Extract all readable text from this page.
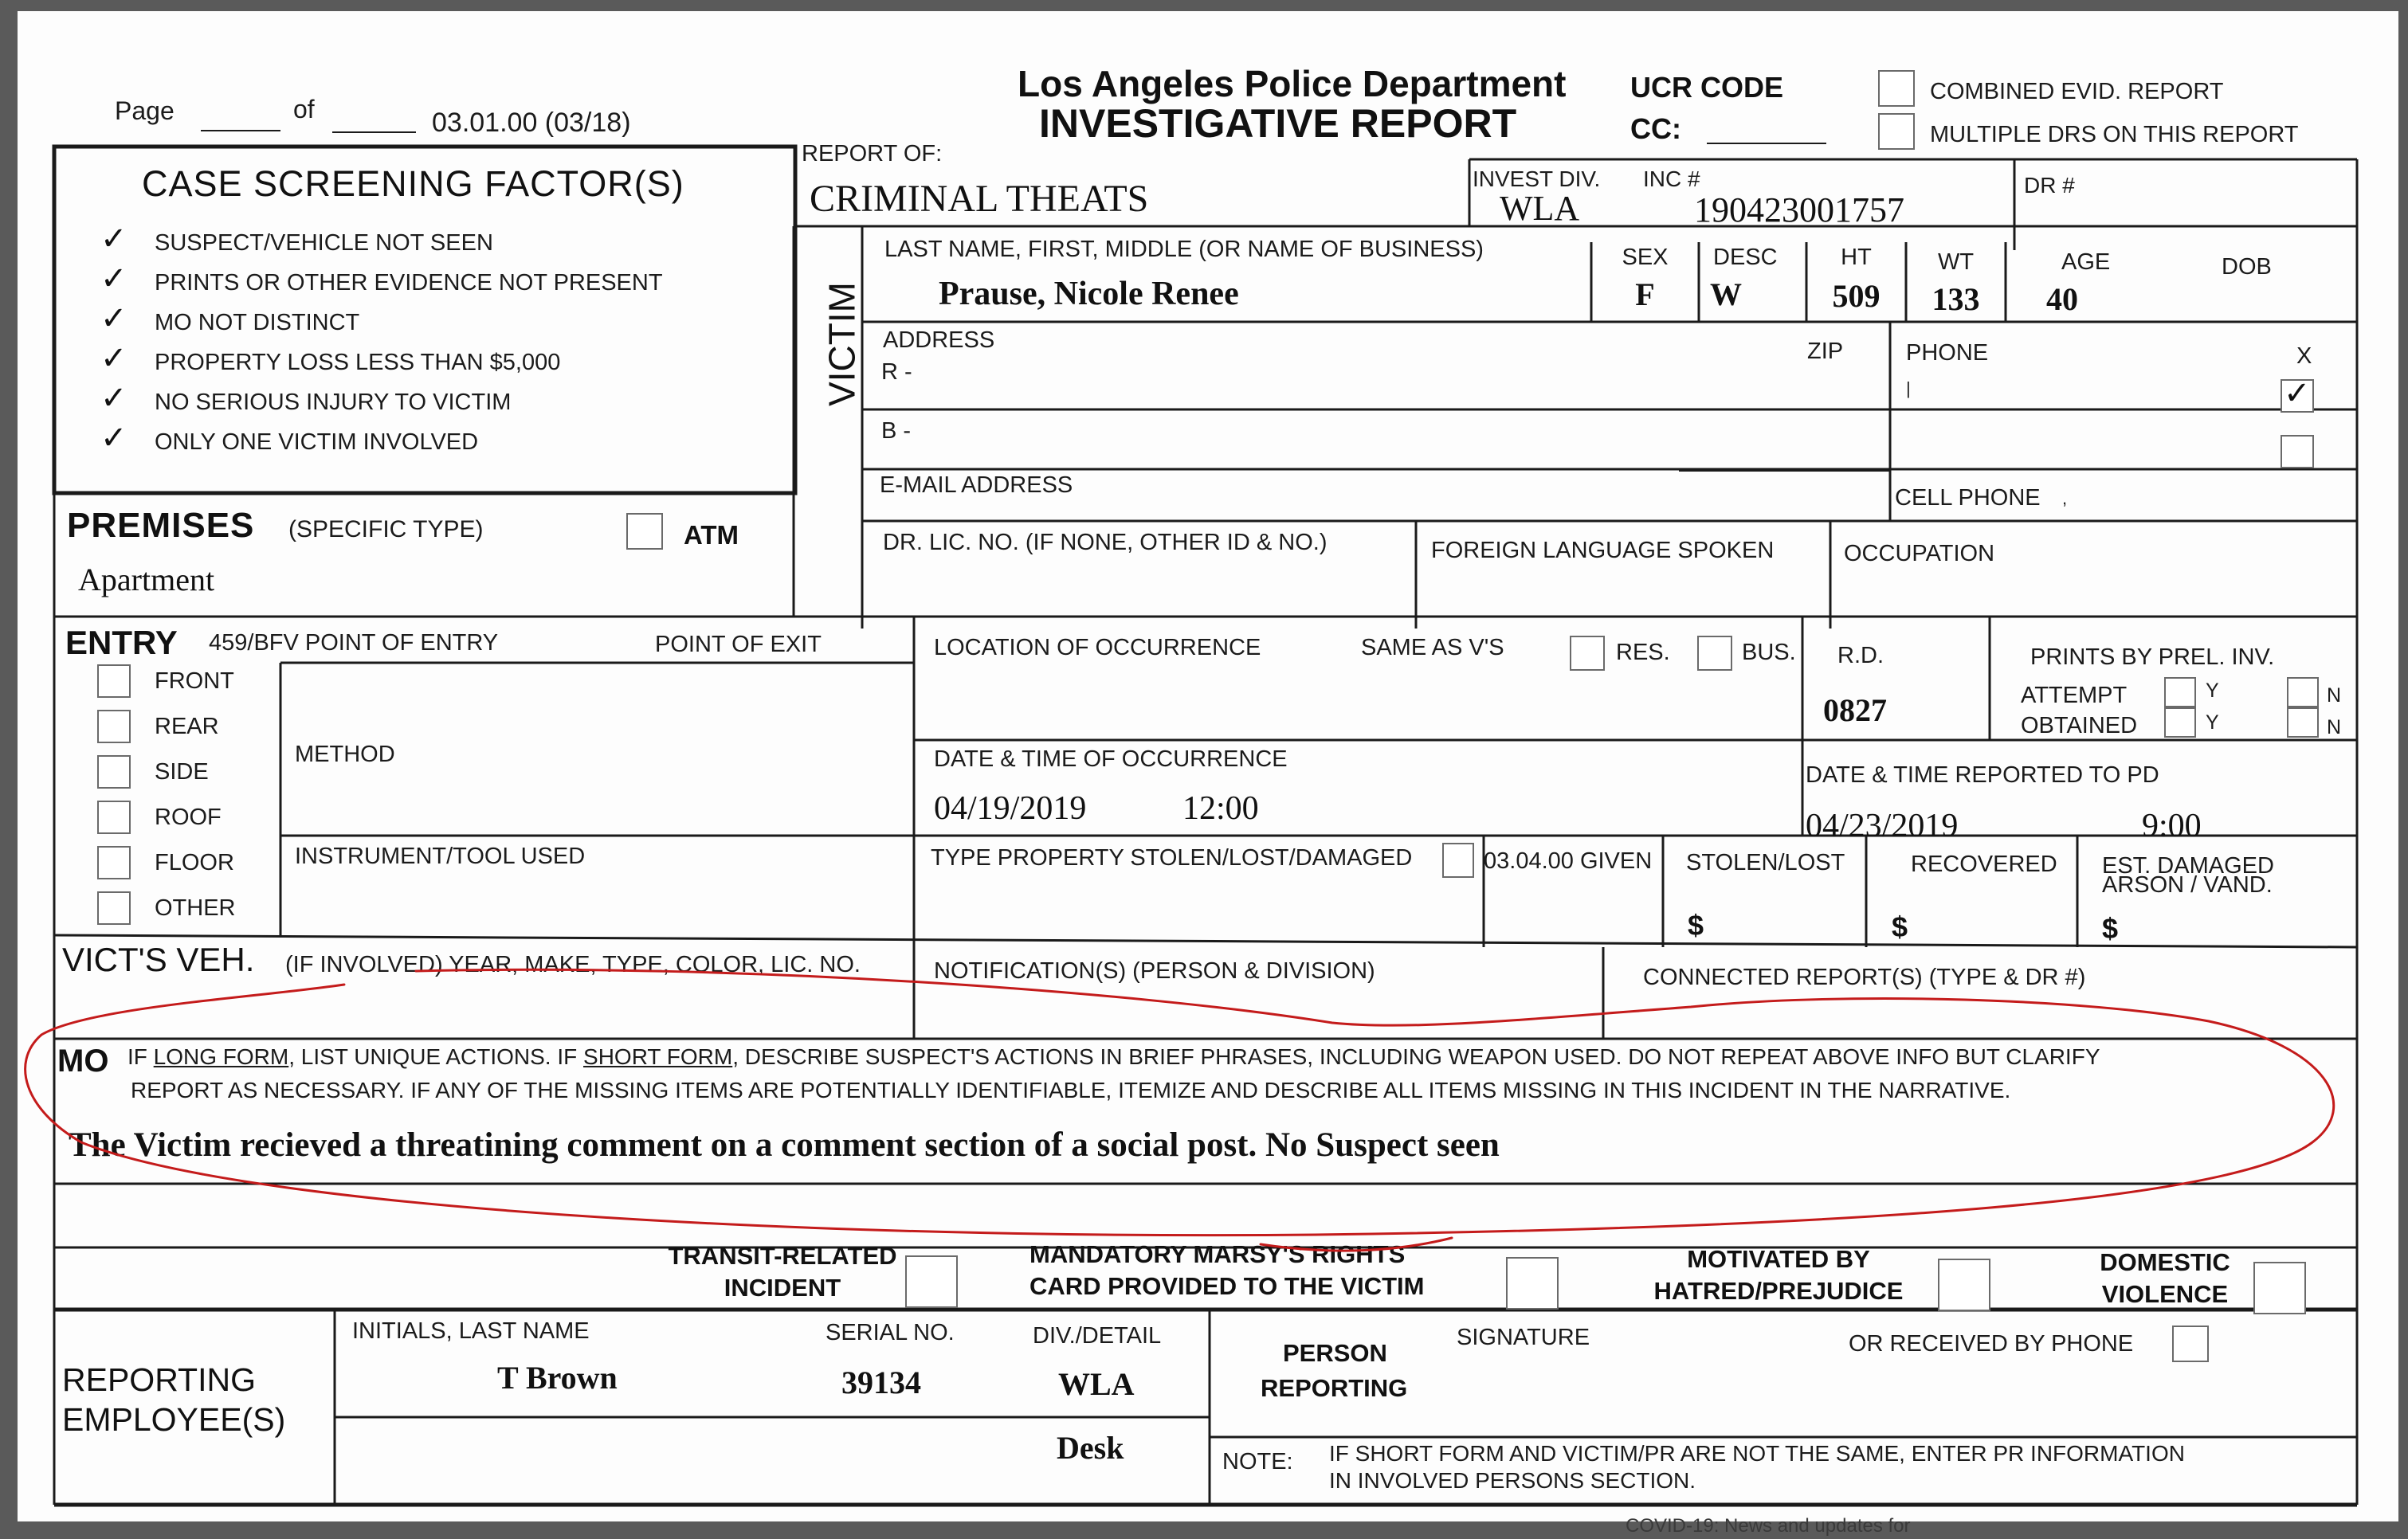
Page	of	03.01.00 (03/18)
Los Angeles Police Department
INVESTIGATIVE REPORT
UCR CODE
CC:
COMBINED EVID. REPORT
MULTIPLE DRS ON THIS REPORT
CASE SCREENING FACTOR(S)
✓ SUSPECT/VEHICLE NOT SEEN
✓ PRINTS OR OTHER EVIDENCE NOT PRESENT
✓ MO NOT DISTINCT
✓ PROPERTY LOSS LESS THAN $5,000
✓ NO SERIOUS INJURY TO VICTIM
✓ ONLY ONE VICTIM INVOLVED
REPORT OF:
CRIMINAL THEATS	INVEST DIV.
WLA
INC #
190423001757
DR #
VICTIM
LAST NAME, FIRST, MIDDLE (OR NAME OF BUSINESS)
Prause, Nicole Renee
SEX
F
DESC
W
HT
509
WT
133
AGE
40
DOB
ADDRESS
R -
B -
ZIP	PHONE
|
X
✓
E-MAIL ADDRESS	CELL PHONE ,
DR. LIC. NO. (IF NONE, OTHER ID & NO.)	FOREIGN LANGUAGE SPOKEN	OCCUPATION
PREMISES (SPECIFIC TYPE)	ATM
Apartment
ENTRY 459/BFV POINT OF ENTRY	POINT OF EXIT
FRONT
REAR
SIDE
ROOF
FLOOR
OTHER
METHOD
INSTRUMENT/TOOL USED
LOCATION OF OCCURRENCE	SAME AS V'S	RES.	BUS. R.D.
0827
PRINTS BY PREL. INV.
ATTEMPT	Y	N
OBTAINED	Y	N
DATE & TIME OF OCCURRENCE
04/19/2019	12:00
DATE & TIME REPORTED TO PD
04/23/2019	9:00
TYPE PROPERTY STOLEN/LOST/DAMAGED	03.04.00 GIVEN STOLEN/LOST
$
RECOVERED
$
EST. DAMAGED
ARSON / VAND.
$
VICT'S VEH. (IF INVOLVED) YEAR, MAKE, TYPE, COLOR, LIC. NO.	NOTIFICATION(S) (PERSON & DIVISION)	CONNECTED REPORT(S) (TYPE & DR #)
MO IF LONG FORM, LIST UNIQUE ACTIONS. IF SHORT FORM, DESCRIBE SUSPECT'S ACTIONS IN BRIEF PHRASES, INCLUDING WEAPON USED. DO NOT REPEAT ABOVE INFO BUT CLARIFY
REPORT AS NECESSARY. IF ANY OF THE MISSING ITEMS ARE POTENTIALLY IDENTIFIABLE, ITEMIZE AND DESCRIBE ALL ITEMS MISSING IN THIS INCIDENT IN THE NARRATIVE.
The Victim recieved a threatining comment on a comment section of a social post. No Suspect seen
TRANSIT-RELATED
INCIDENT
MANDATORY MARSY'S RIGHTS
CARD PROVIDED TO THE VICTIM
MOTIVATED BY
HATRED/PREJUDICE
DOMESTIC
VIOLENCE
REPORTING
EMPLOYEE(S)
INITIALS, LAST NAME
T Brown
SERIAL NO.
39134
DIV./DETAIL
WLA
Desk
PERSON
REPORTING
SIGNATURE	OR RECEIVED BY PHONE
NOTE: IF SHORT FORM AND VICTIM/PR ARE NOT THE SAME, ENTER PR INFORMATION
IN INVOLVED PERSONS SECTION.
COVID-19: News and updates for
